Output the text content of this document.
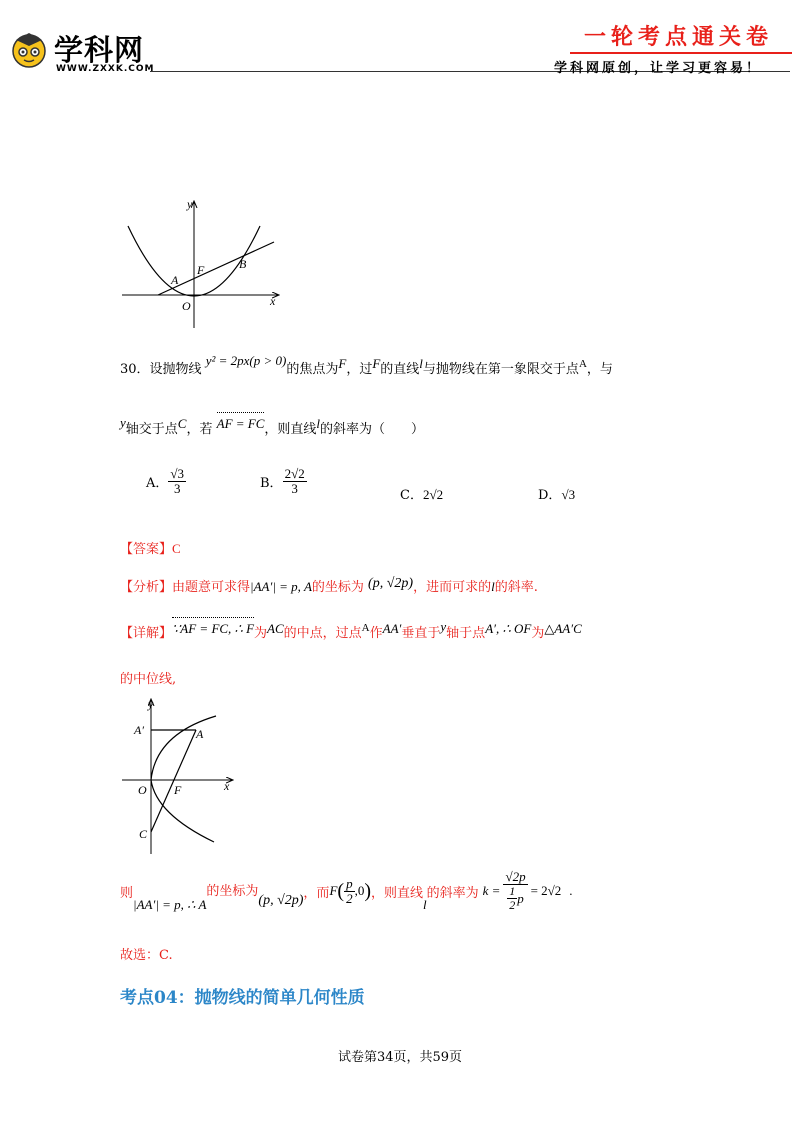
学科网
WWW.ZXXK.COM
一轮考点通关卷
学科网原创，让学习更容易！
y
x
O
A
F	B
30．设抛物线 y² = 2px(p > 0)的焦点为F，过F的直线l与抛物线在第一象限交于点$^A$，与
y轴交于点C，若 AF = FC，则直线l的斜率为（　　）
A． $\frac{√3}{3}$	B． $\frac{2√2}{3}$	C．2√2	D．√3
【答案】C
【分析】由题意可求得|AA′| = p, A的坐标为 (p, √2p)，进而可求的l的斜率.
【详解】∵AF = FC, ∴ F为AC的中点，过点$^A$作AA′垂直于y轴于点A′, ∴ OF为△AA′C
的中位线,
y
x
O
A′	A
F
C
则
|AA′| = p, ∴ A
的坐标为
(p, √2p) ，而 F ( $\frac{p}{2} ,0$ ) ，则直线
l
的斜率为 $k = \frac{√2p}{\frac{1}{2} p} = 2√2$ .
故选：C.
考点04：抛物线的简单几何性质
试卷第34页，共59页
